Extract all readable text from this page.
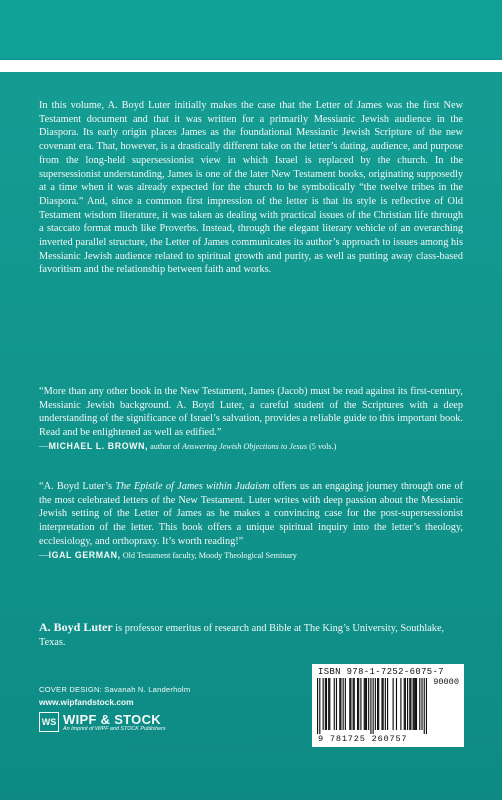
In this volume, A. Boyd Luter initially makes the case that the Letter of James was the first New Testament document and that it was written for a primarily Messianic Jewish audience in the Diaspora. Its early origin places James as the foundational Messianic Jewish Scripture of the new covenant era. That, however, is a drastically different take on the letter’s dating, audience, and purpose from the long-held supersessionist view in which Israel is replaced by the church. In the supersessionist understanding, James is one of the later New Testament books, originating supposedly at a time when it was already expected for the church to be symbolically “the twelve tribes in the Diaspora.” And, since a common first impression of the letter is that its style is reflective of Old Testament wisdom literature, it was taken as dealing with practical issues of the Christian life through a staccato format much like Proverbs. Instead, through the elegant literary vehicle of an overarching inverted parallel structure, the Letter of James communicates its author’s approach to issues among his Messianic Jewish audience related to spiritual growth and purity, as well as putting away class-based favoritism and the relationship between faith and works.

“More than any other book in the New Testament, James (Jacob) must be read against its first-century, Messianic Jewish background. A. Boyd Luter, a careful student of the Scriptures with a deep understanding of the significance of Israel’s salvation, provides a reliable guide to this important book. Read and be enlightened as well as edified.”
—MICHAEL L. BROWN, author of Answering Jewish Objections to Jesus (5 vols.)

“A. Boyd Luter’s The Epistle of James within Judaism offers us an engaging journey through one of the most celebrated letters of the New Testament. Luter writes with deep passion about the Messianic Jewish setting of the Letter of James as he makes a convincing case for the post-supersessionist interpretation of the letter. This book offers a unique spiritual inquiry into the letter’s theology, ecclesiology, and orthopraxy. It’s worth reading!”
—IGAL GERMAN, Old Testament faculty, Moody Theological Seminary

A. Boyd Luter is professor emeritus of research and Bible at The King’s University, Southlake, Texas.

COVER DESIGN: Savanah N. Landerholm
www.wipfandstock.com
WS WIPF & STOCK
An Imprint of WIPF and STOCK Publishers
ISBN 978-1-7252-6075-7
90000
9 781725 260757
